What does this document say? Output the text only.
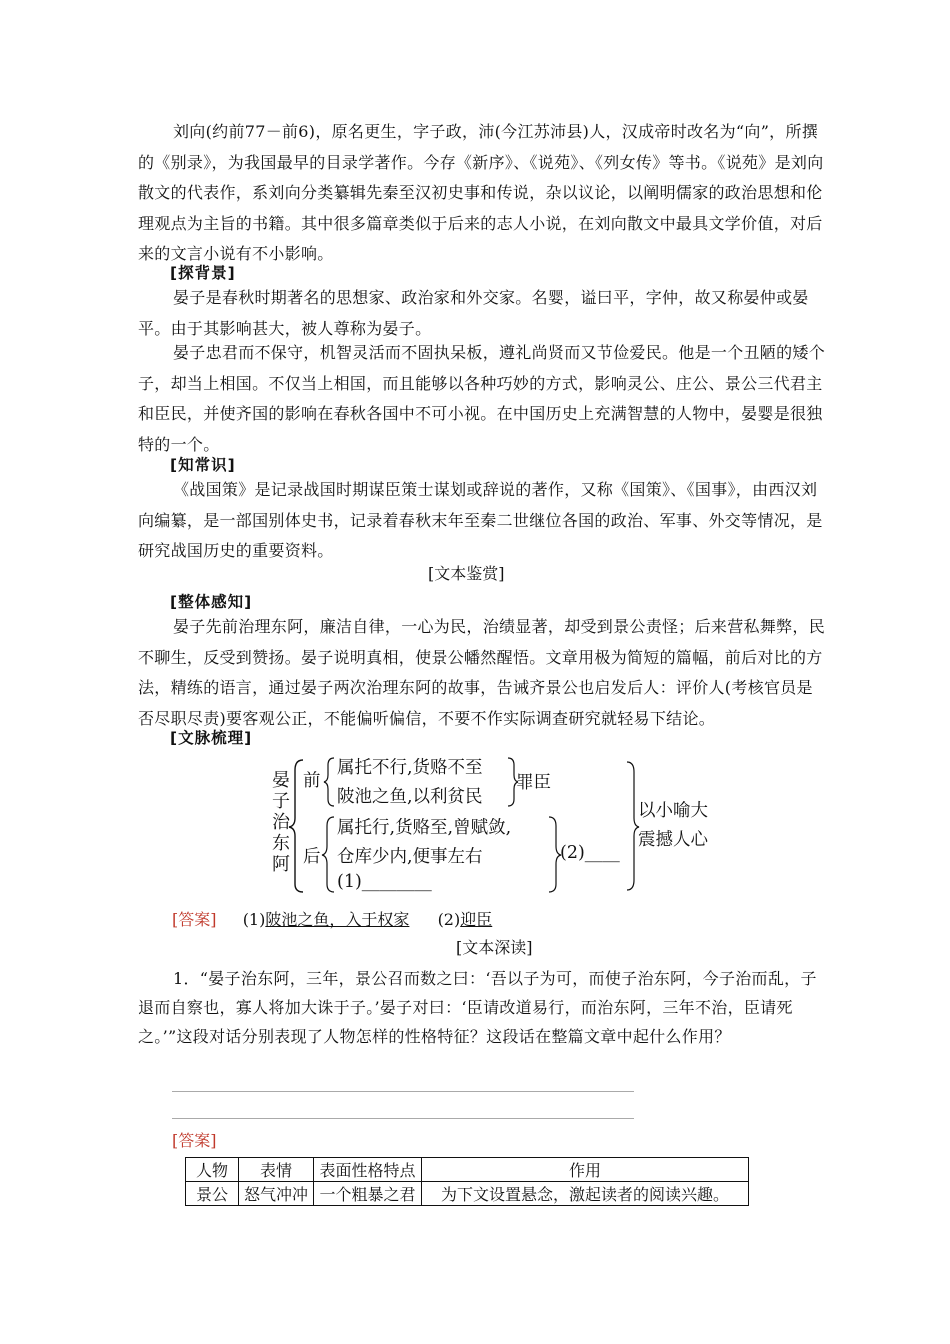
刘向(约前77－前6)，原名更生，字子政，沛(今江苏沛县)人，汉成帝时改名为“向”，所撰的《别录》，为我国最早的目录学著作。今存《新序》、《说苑》、《列女传》等书。《说苑》是刘向散文的代表作，系刘向分类纂辑先秦至汉初史事和传说，杂以议论，以阐明儒家的政治思想和伦理观点为主旨的书籍。其中很多篇章类似于后来的志人小说，在刘向散文中最具文学价值，对后来的文言小说有不小影响。

[探背景]

晏子是春秋时期著名的思想家、政治家和外交家。名婴，谥曰平，字仲，故又称晏仲或晏平。由于其影响甚大，被人尊称为晏子。

晏子忠君而不保守，机智灵活而不固执呆板，遵礼尚贤而又节俭爱民。他是一个丑陋的矮个子，却当上相国。不仅当上相国，而且能够以各种巧妙的方式，影响灵公、庄公、景公三代君主和臣民，并使齐国的影响在春秋各国中不可小视。在中国历史上充满智慧的人物中，晏婴是很独特的一个。

[知常识]

《战国策》是记录战国时期谋臣策士谋划或辞说的著作，又称《国策》、《国事》，由西汉刘向编纂，是一部国别体史书，记录着春秋末年至秦二世继位各国的政治、军事、外交等情况，是研究战国历史的重要资料。

[文本鉴赏]

[整体感知]

晏子先前治理东阿，廉洁自律，一心为民，治绩显著，却受到景公责怪；后来营私舞弊，民不聊生，反受到赞扬。晏子说明真相，使景公幡然醒悟。文章用极为简短的篇幅，前后对比的方法，精练的语言，通过晏子两次治理东阿的故事，告诫齐景公也启发后人：评价人(考核官员是否尽职尽责)要客观公正，不能偏听偏信，不要不作实际调查研究就轻易下结论。

[文脉梳理]

晏
子
治
东
阿
前
属托不行,货赂不至
陂池之鱼,以利贫民
罪臣
后
属托行,货赂至,曾赋敛,
仓库少内,便事左右
(1)________
(2)____
以小喻大
震撼人心
[答案] (1)陂池之鱼，入于权家 (2)迎臣

[文本深读]

1．“晏子治东阿，三年，景公召而数之曰：‘吾以子为可，而使子治东阿，今子治而乱，子退而自察也，寡人将加大诛于子。’晏子对曰：‘臣请改道易行，而治东阿，三年不治，臣请死之。’”这段对话分别表现了人物怎样的性格特征？这段话在整篇文章中起什么作用？

[答案]

人物	表情	表面性格特点	作用
景公	怒气冲冲	一个粗暴之君	为下文设置悬念，激起读者的阅读兴趣。
